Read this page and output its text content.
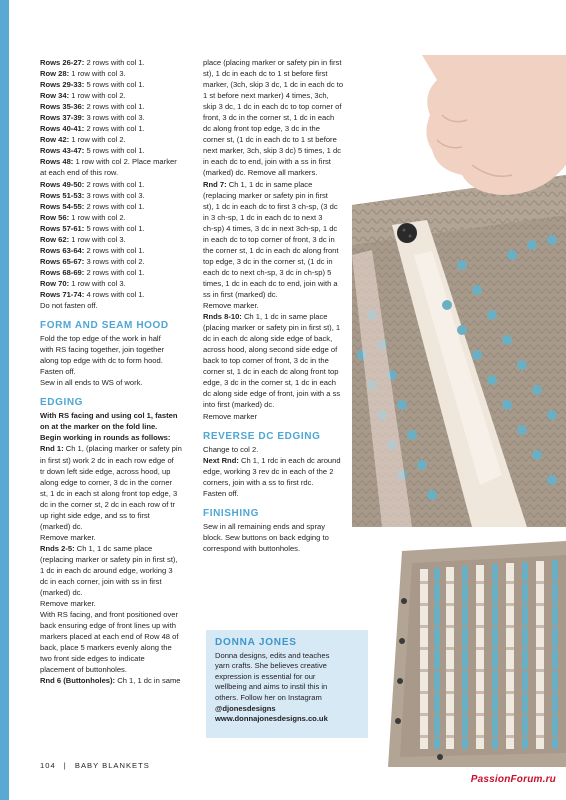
Rows 26-27: 2 rows with col 1.
Row 28: 1 row with col 3.
Rows 29-33: 5 rows with col 1.
Row 34: 1 row with col 2.
Rows 35-36: 2 rows with col 1.
Rows 37-39: 3 rows with col 3.
Rows 40-41: 2 rows with col 1.
Row 42: 1 row with col 2.
Rows 43-47: 5 rows with col 1.
Rows 48: 1 row with col 2. Place marker
at each end of this row.
Rows 49-50: 2 rows with col 1.
Rows 51-53: 3 rows with col 3.
Rows 54-55: 2 rows with col 1.
Row 56: 1 row with col 2.
Rows 57-61: 5 rows with col 1.
Row 62: 1 row with col 3.
Rows 63-64: 2 rows with col 1.
Rows 65-67: 3 rows with col 2.
Rows 68-69: 2 rows with col 1.
Row 70: 1 row with col 3.
Rows 71-74: 4 rows with col 1.
Do not fasten off.
FORM AND SEAM HOOD
Fold the top edge of the work in half
with RS facing together, join together
along top edge with dc to form hood.
Fasten off.
Sew in all ends to WS of work.
EDGING
With RS facing and using col 1, fasten
on at the marker on the fold line.
Begin working in rounds as follows:
Rnd 1: Ch 1, (placing marker or safety pin
in first st) work 2 dc in each row edge of
tr down left side edge, across hood, up
along edge to corner, 3 dc in the corner
st, 1 dc in each st along front top edge, 3
dc in the corner st, 2 dc in each row of tr
up right side edge, and ss to first
(marked) dc.
Remove marker.
Rnds 2-5: Ch 1, 1 dc same place
(replacing marker or safety pin in first st),
1 dc in each dc around edge, working 3
dc in each corner, join with ss in first
(marked) dc.
Remove marker.
With RS facing, and front positioned over
back ensuring edge of front lines up with
markers placed at each end of Row 48 of
back, place 5 markers evenly along the
two front side edges to indicate
placement of buttonholes.
Rnd 6 (Buttonholes): Ch 1, 1 dc in same
place (placing marker or safety pin in first
st), 1 dc in each dc to 1 st before first
marker, (3ch, skip 3 dc, 1 dc in each dc to
1 st before next marker) 4 times, 3ch,
skip 3 dc, 1 dc in each dc to top corner of
front, 3 dc in the corner st, 1 dc in each
dc along front top edge, 3 dc in the
corner st, (1 dc in each dc to 1 st before
next marker, 3ch, skip 3 dc) 5 times, 1 dc
in each dc to end, join with a ss in first
(marked) dc. Remove all markers.
Rnd 7: Ch 1, 1 dc in same place
(replacing marker or safety pin in first
st), 1 dc in each dc to first 3 ch-sp, (3 dc
in 3 ch-sp, 1 dc in each dc to next 3
ch-sp) 4 times, 3 dc in next 3ch-sp, 1 dc
in each dc to top corner of front, 3 dc in
the corner st, 1 dc in each dc along front
top edge, 3 dc in the corner st, (1 dc in
each dc to next ch-sp, 3 dc in ch-sp) 5
times, 1 dc in each dc to end, join with a
ss in first (marked) dc.
Remove marker.
Rnds 8-10: Ch 1, 1 dc in same place
(placing marker or safety pin in first st), 1
dc in each dc along side edge of back,
across hood, along second side edge of
back to top corner of front, 3 dc in the
corner st, 1 dc in each dc along front top
edge, 3 dc in the corner st, 1 dc in each
dc along side edge of front, join with a ss
into first (marked) dc.
Remove marker
REVERSE DC EDGING
Change to col 2.
Next Rnd: Ch 1, 1 rdc in each dc around
edge, working 3 rev dc in each of the 2
corners, join with a ss to first rdc.
Fasten off.
FINISHING
Sew in all remaining ends and spray
block. Sew buttons on back edging to
correspond with buttonholes.
DONNA JONES
Donna designs, edits and teaches
yarn crafts. She believes creative
expression is essential for our
wellbeing and aims to instil this in
others. Follow her on Instagram
@djonesdesigns
www.donnajonesdesigns.co.uk
104 | BABY BLANKETS
PassionForum.ru
